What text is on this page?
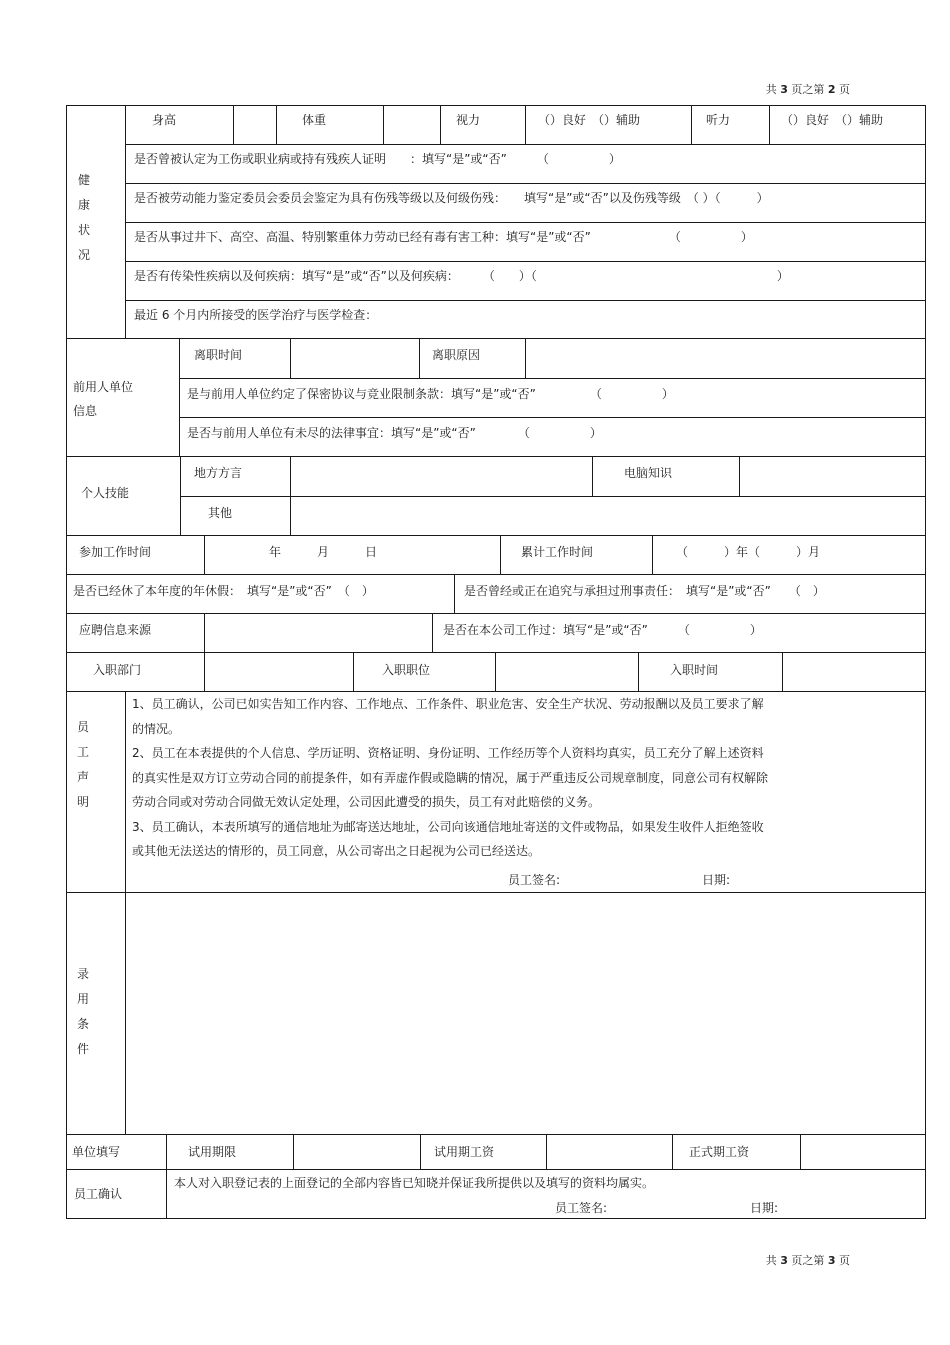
共 3 页之第 2 页
健
康
状
况
身高	体重	视力	（）良好　（）辅助	听力	（）良好　（）辅助
是否曾被认定为工伤或职业病或持有残疾人证明　　：填写“是”或“否”　　　（　　　　　）
是否被劳动能力鉴定委员会委员会鉴定为具有伤残等级以及何级伤残：　　填写“是”或“否”以及伤残等级　（ ）（　　　）
是否从事过井下、高空、高温、特别繁重体力劳动已经有毒有害工种：填写“是”或“否”　　　　　　　（　　　　　）
是否有传染性疾病以及何疾病：填写“是”或“否”以及何疾病：　　　（　　）（　　　　　　　　　　　　　　　　　　　　）
最近 6 个月内所接受的医学治疗与医学检查：
前用人单位
信息
离职时间	离职原因
是与前用人单位约定了保密协议与竞业限制条款：填写“是”或“否”　　　　　（　　　　　）
是否与前用人单位有未尽的法律事宜：填写“是”或“否”　　　　（　　　　　）
个人技能
地方方言	电脑知识
其他
参加工作时间	年　　　月　　　日	累计工作时间	（　　　）年（　　　）月
是否已经休了本年度的年休假：　填写“是”或“否”　（　）	是否曾经或正在追究与承担过刑事责任：　填写“是”或“否”　　（　）
应聘信息来源	是否在本公司工作过：填写“是”或“否”　　　（　　　　　）
入职部门	入职职位	入职时间
员
工
声
明
1、员工确认，公司已如实告知工作内容、工作地点、工作条件、职业危害、安全生产状况、劳动报酬以及员工要求了解
的情况。
2、员工在本表提供的个人信息、学历证明、资格证明、身份证明、工作经历等个人资料均真实，员工充分了解上述资料
的真实性是双方订立劳动合同的前提条件，如有弄虚作假或隐瞒的情况，属于严重违反公司规章制度，同意公司有权解除
劳动合同或对劳动合同做无效认定处理，公司因此遭受的损失，员工有对此赔偿的义务。
3、员工确认，本表所填写的通信地址为邮寄送达地址，公司向该通信地址寄送的文件或物品，如果发生收件人拒绝签收
或其他无法送达的情形的，员工同意，从公司寄出之日起视为公司已经送达。
员工签名:	日期:
录
用
条
件
单位填写	试用期限	试用期工资	正式期工资
员工确认
本人对入职登记表的上面登记的全部内容皆已知晓并保证我所提供以及填写的资料均属实。
员工签名:	日期:
共 3 页之第 3 页
